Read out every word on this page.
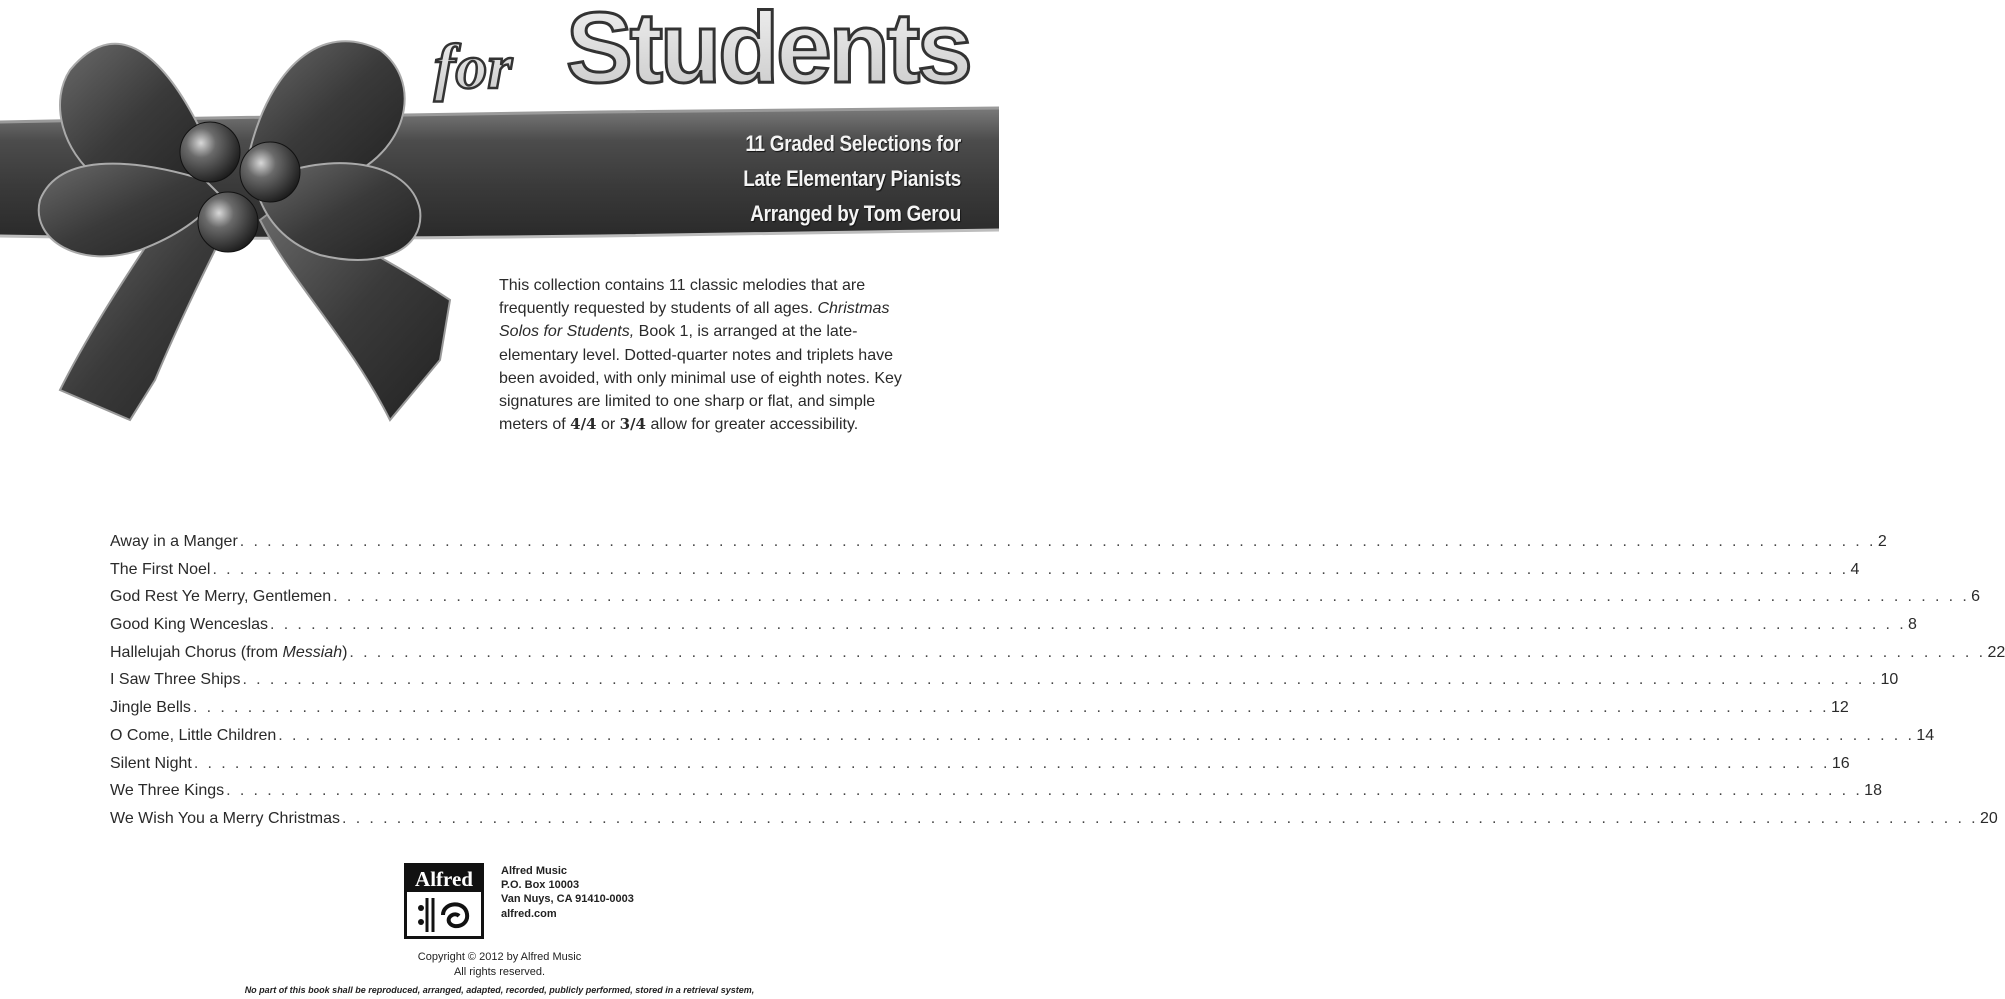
for Students
11 Graded Selections for
Late Elementary Pianists
Arranged by Tom Gerou
This collection contains 11 classic melodies that are frequently requested by students of all ages. Christmas Solos for Students, Book 1, is arranged at the late-elementary level. Dotted-quarter notes and triplets have been avoided, with only minimal use of eighth notes. Key signatures are limited to one sharp or flat, and simple meters of 4/4 or 3/4 allow for greater accessibility.
Away in a Manger . . . . . . . . . . . . . . . . . . . . . . . . . . . . . . . . . . . . . . . . . . . . . . . . . . . . . . . . . . . . . . . . . . . . . . . . . . . . . . . . . . . . . . . . . . . . . . . . . . . . . . . . . . . . . . . . . . . . . . . . 2
The First Noel . . . . . . . . . . . . . . . . . . . . . . . . . . . . . . . . . . . . . . . . . . . . . . . . . . . . . . . . . . . . . . . . . . . . . . . . . . . . . . . . . . . . . . . . . . . . . . . . . . . . . . . . . . . . . . . . . . . . . . . . 4
God Rest Ye Merry, Gentlemen . . . . . . . . . . . . . . . . . . . . . . . . . . . . . . . . . . . . . . . . . . . . . . . . . . . . . . . . . . . . . . . . . . . . . . . . . . . . . . . . . . . . . . . . . . . . . . . . . . . . . . . . . . . . . . . . . . . . . . . . 6
Good King Wenceslas . . . . . . . . . . . . . . . . . . . . . . . . . . . . . . . . . . . . . . . . . . . . . . . . . . . . . . . . . . . . . . . . . . . . . . . . . . . . . . . . . . . . . . . . . . . . . . . . . . . . . . . . . . . . . . . . . . . . . . . . 8
Hallelujah Chorus (from Messiah) . . . . . . . . . . . . . . . . . . . . . . . . . . . . . . . . . . . . . . . . . . . . . . . . . . . . . . . . . . . . . . . . . . . . . . . . . . . . . . . . . . . . . . . . . . . . . . . . . . . . . . . . . . . . . . . . . . . . . . . . 22
I Saw Three Ships . . . . . . . . . . . . . . . . . . . . . . . . . . . . . . . . . . . . . . . . . . . . . . . . . . . . . . . . . . . . . . . . . . . . . . . . . . . . . . . . . . . . . . . . . . . . . . . . . . . . . . . . . . . . . . . . . . . . . . . . 10
Jingle Bells . . . . . . . . . . . . . . . . . . . . . . . . . . . . . . . . . . . . . . . . . . . . . . . . . . . . . . . . . . . . . . . . . . . . . . . . . . . . . . . . . . . . . . . . . . . . . . . . . . . . . . . . . . . . . . . . . . . . . . . . 12
O Come, Little Children . . . . . . . . . . . . . . . . . . . . . . . . . . . . . . . . . . . . . . . . . . . . . . . . . . . . . . . . . . . . . . . . . . . . . . . . . . . . . . . . . . . . . . . . . . . . . . . . . . . . . . . . . . . . . . . . . . . . . . . . 14
Silent Night . . . . . . . . . . . . . . . . . . . . . . . . . . . . . . . . . . . . . . . . . . . . . . . . . . . . . . . . . . . . . . . . . . . . . . . . . . . . . . . . . . . . . . . . . . . . . . . . . . . . . . . . . . . . . . . . . . . . . . . . 16
We Three Kings . . . . . . . . . . . . . . . . . . . . . . . . . . . . . . . . . . . . . . . . . . . . . . . . . . . . . . . . . . . . . . . . . . . . . . . . . . . . . . . . . . . . . . . . . . . . . . . . . . . . . . . . . . . . . . . . . . . . . . . . 18
We Wish You a Merry Christmas . . . . . . . . . . . . . . . . . . . . . . . . . . . . . . . . . . . . . . . . . . . . . . . . . . . . . . . . . . . . . . . . . . . . . . . . . . . . . . . . . . . . . . . . . . . . . . . . . . . . . . . . . . . . . . . . . . . . . . . . 20
Alfred	Alfred Music
P.O. Box 10003
Van Nuys, CA 91410-0003
alfred.com
Copyright © 2012 by Alfred Music
All rights reserved.
No part of this book shall be reproduced, arranged, adapted, recorded, publicly performed, stored in a retrieval system,
